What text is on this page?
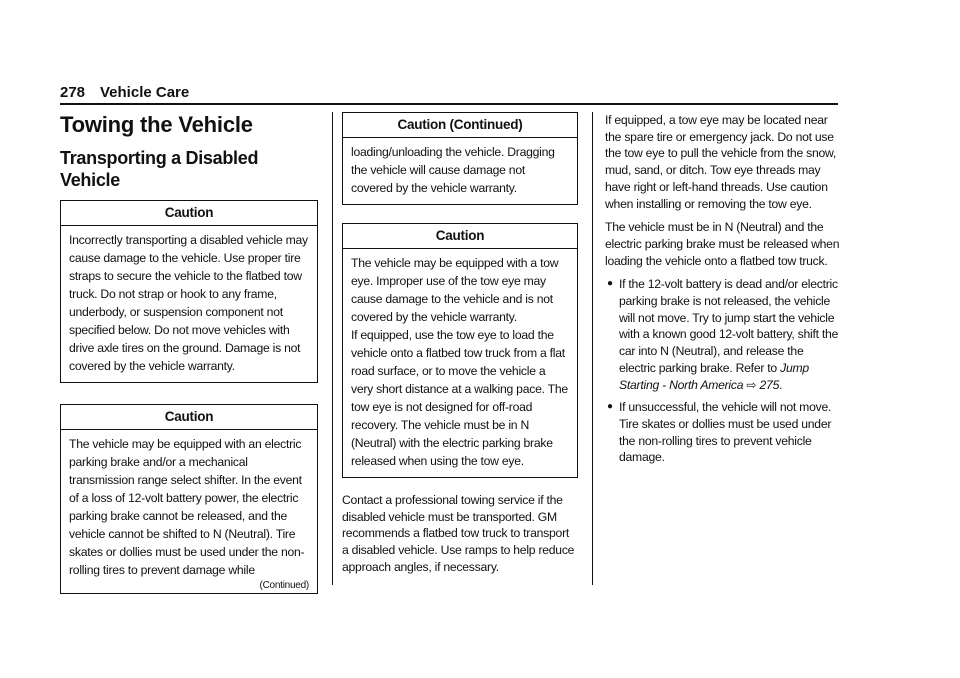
278 Vehicle Care
Towing the Vehicle
Transporting a Disabled Vehicle
Caution

Incorrectly transporting a disabled vehicle may cause damage to the vehicle. Use proper tire straps to secure the vehicle to the flatbed tow truck. Do not strap or hook to any frame, underbody, or suspension component not specified below. Do not move vehicles with drive axle tires on the ground. Damage is not covered by the vehicle warranty.

Caution

The vehicle may be equipped with an electric parking brake and/or a mechanical transmission range select shifter. In the event of a loss of 12-volt battery power, the electric parking brake cannot be released, and the vehicle cannot be shifted to N (Neutral). Tire skates or dollies must be used under the non-rolling tires to prevent damage while

(Continued)
Caution (Continued)

loading/unloading the vehicle. Dragging the vehicle will cause damage not covered by the vehicle warranty.

Caution

The vehicle may be equipped with a tow eye. Improper use of the tow eye may cause damage to the vehicle and is not covered by the vehicle warranty.

If equipped, use the tow eye to load the vehicle onto a flatbed tow truck from a flat road surface, or to move the vehicle a very short distance at a walking pace. The tow eye is not designed for off-road recovery. The vehicle must be in N (Neutral) with the electric parking brake released when using the tow eye.

Contact a professional towing service if the disabled vehicle must be transported. GM recommends a flatbed tow truck to transport a disabled vehicle. Use ramps to help reduce approach angles, if necessary.

If equipped, a tow eye may be located near the spare tire or emergency jack. Do not use the tow eye to pull the vehicle from the snow, mud, sand, or ditch. Tow eye threads may have right or left-hand threads. Use caution when installing or removing the tow eye.

The vehicle must be in N (Neutral) and the electric parking brake must be released when loading the vehicle onto a flatbed tow truck.

● If the 12-volt battery is dead and/or electric parking brake is not released, the vehicle will not move. Try to jump start the vehicle with a known good 12-volt battery, shift the car into N (Neutral), and release the electric parking brake. Refer to Jump Starting - North America ⇨ 275.
● If unsuccessful, the vehicle will not move. Tire skates or dollies must be used under the non-rolling tires to prevent vehicle damage.
